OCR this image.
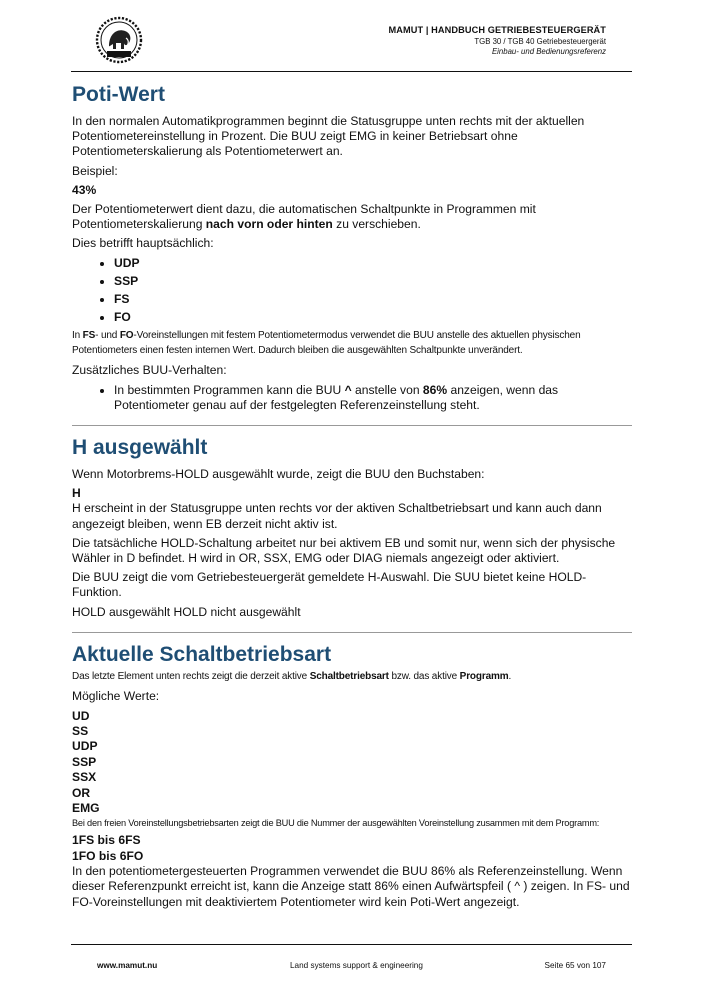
MAMUT | HANDBUCH GETRIEBESTEUERGERÄT
TGB 30 / TGB 40 Getriebesteuergerät
Einbau- und Bedienungsreferenz
Poti-Wert

In den normalen Automatikprogrammen beginnt die Statusgruppe unten rechts mit der aktuellen Potentiometereinstellung in Prozent. Die BUU zeigt EMG in keiner Betriebsart ohne Potentiometerskalierung als Potentiometerwert an.

Beispiel:

43%

Der Potentiometerwert dient dazu, die automatischen Schaltpunkte in Programmen mit Potentiometerskalierung nach vorn oder hinten zu verschieben.

Dies betrifft hauptsächlich:

• UDP
• SSP
• FS
• FO

In FS- und FO-Voreinstellungen mit festem Potentiometermodus verwendet die BUU anstelle des aktuellen physischen Potentiometers einen festen internen Wert. Dadurch bleiben die ausgewählten Schaltpunkte unverändert.

Zusätzliches BUU-Verhalten:

• In bestimmten Programmen kann die BUU ^ anstelle von 86% anzeigen, wenn das Potentiometer genau auf der festgelegten Referenzeinstellung steht.
H ausgewählt

Wenn Motorbrems-HOLD ausgewählt wurde, zeigt die BUU den Buchstaben:

H

H erscheint in der Statusgruppe unten rechts vor der aktiven Schaltbetriebsart und kann auch dann angezeigt bleiben, wenn EB derzeit nicht aktiv ist.

Die tatsächliche HOLD-Schaltung arbeitet nur bei aktivem EB und somit nur, wenn sich der physische Wähler in D befindet. H wird in OR, SSX, EMG oder DIAG niemals angezeigt oder aktiviert.

Die BUU zeigt die vom Getriebesteuergerät gemeldete H-Auswahl. Die SUU bietet keine HOLD-Funktion.

HOLD ausgewählt HOLD nicht ausgewählt

Aktuelle Schaltbetriebsart

Das letzte Element unten rechts zeigt die derzeit aktive Schaltbetriebsart bzw. das aktive Programm.

Mögliche Werte:

UD

SS

UDP

SSP

SSX

OR

EMG

Bei den freien Voreinstellungsbetriebsarten zeigt die BUU die Nummer der ausgewählten Voreinstellung zusammen mit dem Programm:

1FS bis 6FS

1FO bis 6FO

In den potentiometergesteuerten Programmen verwendet die BUU 86% als Referenzeinstellung. Wenn dieser Referenzpunkt erreicht ist, kann die Anzeige statt 86% einen Aufwärtspfeil ( ^ ) zeigen. In FS- und FO-Voreinstellungen mit deaktiviertem Potentiometer wird kein Poti-Wert angezeigt.

www.mamut.nu	Land systems support & engineering	Seite 65 von 107
